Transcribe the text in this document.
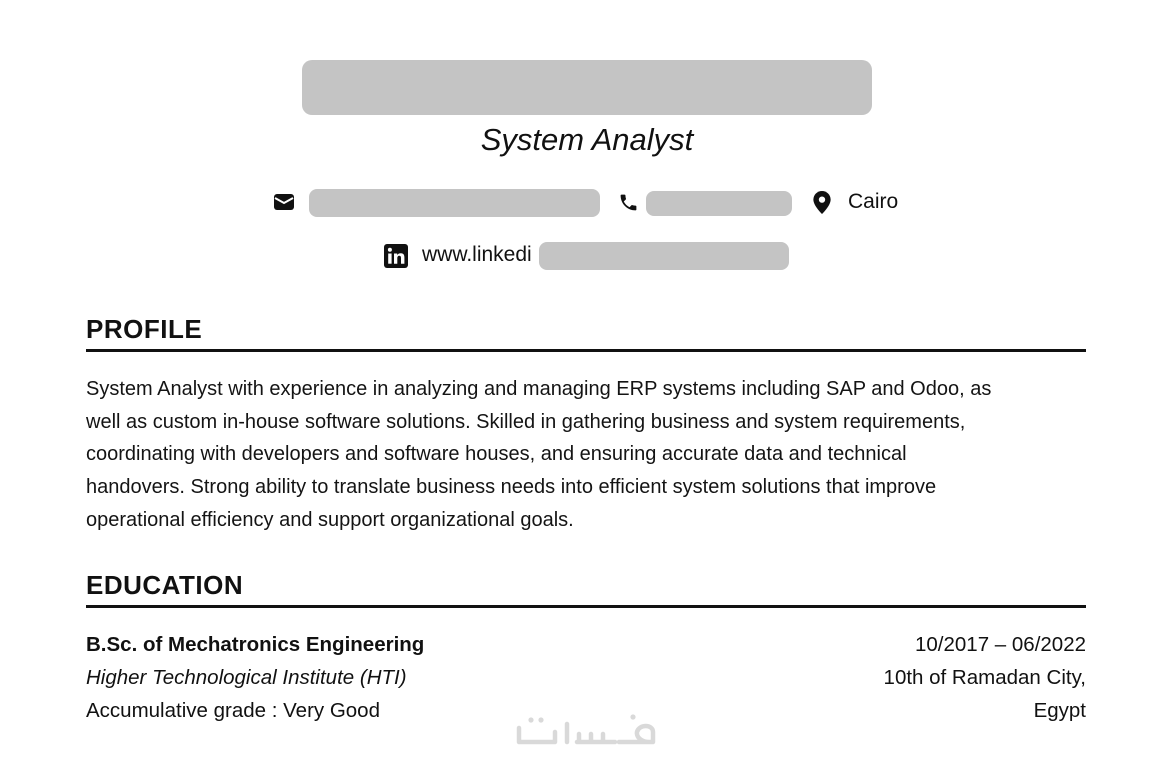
System Analyst
Cairo
www.linkedi
PROFILE
System Analyst with experience in analyzing and managing ERP systems including SAP and Odoo, as
well as custom in-house software solutions. Skilled in gathering business and system requirements,
coordinating with developers and software houses, and ensuring accurate data and technical
handovers. Strong ability to translate business needs into efficient system solutions that improve
operational efficiency and support organizational goals.
EDUCATION
B.Sc. of Mechatronics Engineering
Higher Technological Institute (HTI)
Accumulative grade : Very Good
10/2017 – 06/2022
10th of Ramadan City,
Egypt
